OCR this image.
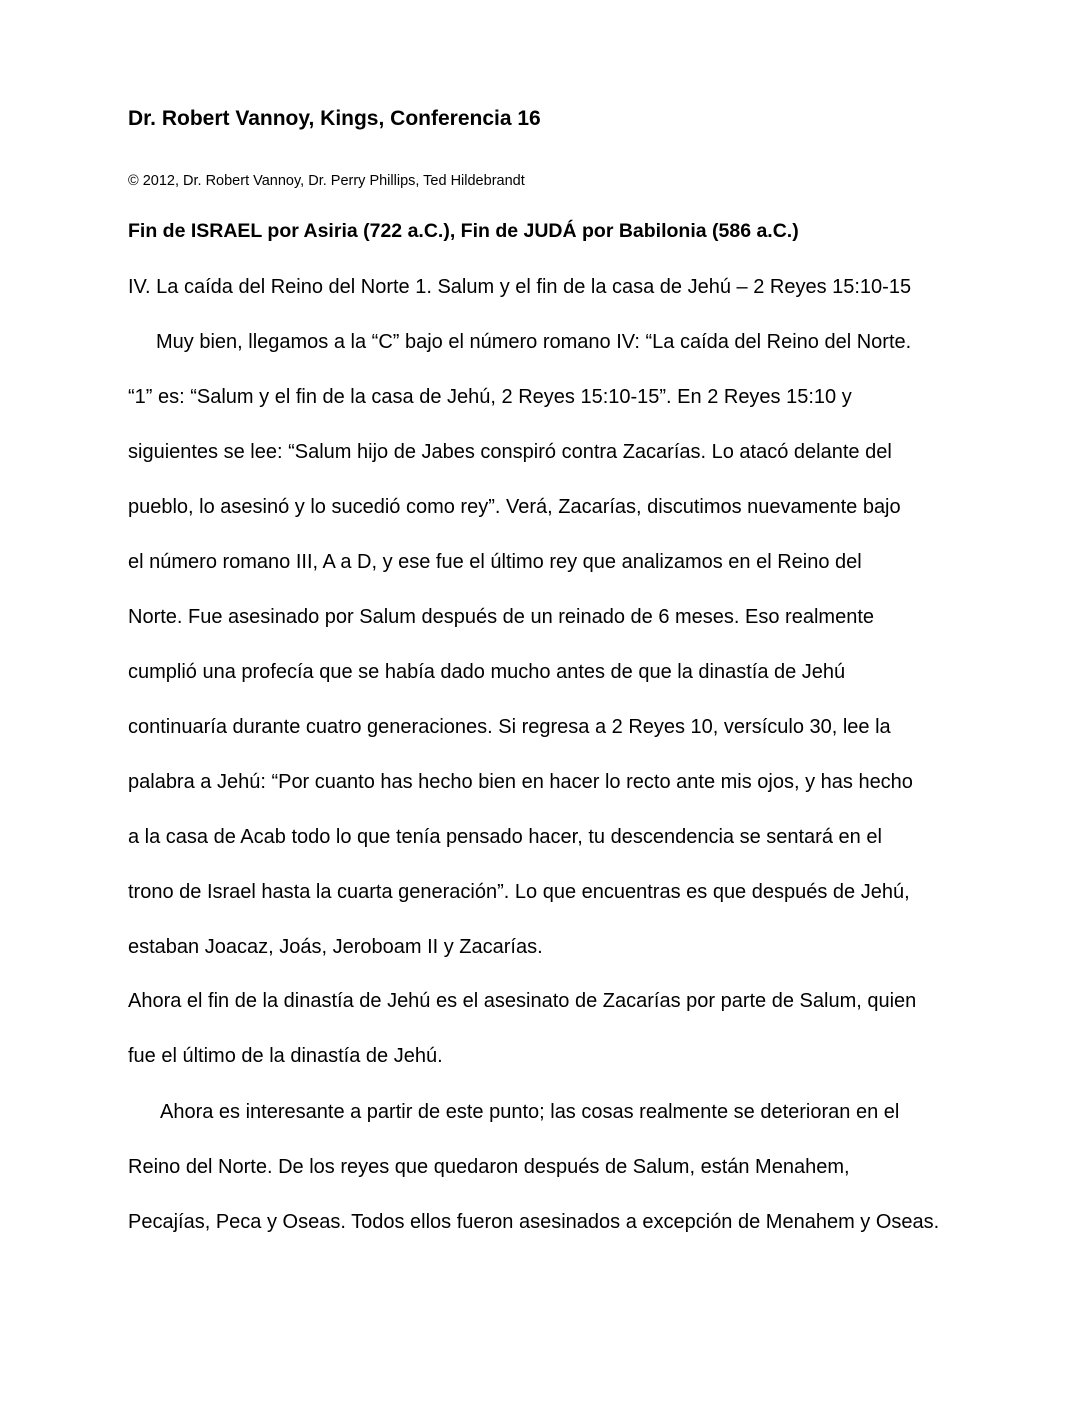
Dr. Robert Vannoy, Kings, Conferencia 16
© 2012, Dr. Robert Vannoy, Dr. Perry Phillips, Ted Hildebrandt
Fin de ISRAEL por Asiria (722 a.C.), Fin de JUDÁ por Babilonia (586 a.C.)
IV. La caída del Reino del Norte 1. Salum y el fin de la casa de Jehú – 2 Reyes 15:10-15
Muy bien, llegamos a la “C” bajo el número romano IV: “La caída del Reino del Norte.
“1” es: “Salum y el fin de la casa de Jehú, 2 Reyes 15:10-15”. En 2 Reyes 15:10 y
siguientes se lee: “Salum hijo de Jabes conspiró contra Zacarías. Lo atacó delante del
pueblo, lo asesinó y lo sucedió como rey”. Verá, Zacarías, discutimos nuevamente bajo
el número romano III, A a D, y ese fue el último rey que analizamos en el Reino del
Norte. Fue asesinado por Salum después de un reinado de 6 meses. Eso realmente
cumplió una profecía que se había dado mucho antes de que la dinastía de Jehú
continuaría durante cuatro generaciones. Si regresa a 2 Reyes 10, versículo 30, lee la
palabra a Jehú: “Por cuanto has hecho bien en hacer lo recto ante mis ojos, y has hecho
a la casa de Acab todo lo que tenía pensado hacer, tu descendencia se sentará en el
trono de Israel hasta la cuarta generación”. Lo que encuentras es que después de Jehú,
estaban Joacaz, Joás, Jeroboam II y Zacarías.
Ahora el fin de la dinastía de Jehú es el asesinato de Zacarías por parte de Salum, quien
fue el último de la dinastía de Jehú.
Ahora es interesante a partir de este punto; las cosas realmente se deterioran en el
Reino del Norte. De los reyes que quedaron después de Salum, están Menahem,
Pecajías, Peca y Oseas. Todos ellos fueron asesinados a excepción de Menahem y Oseas.
